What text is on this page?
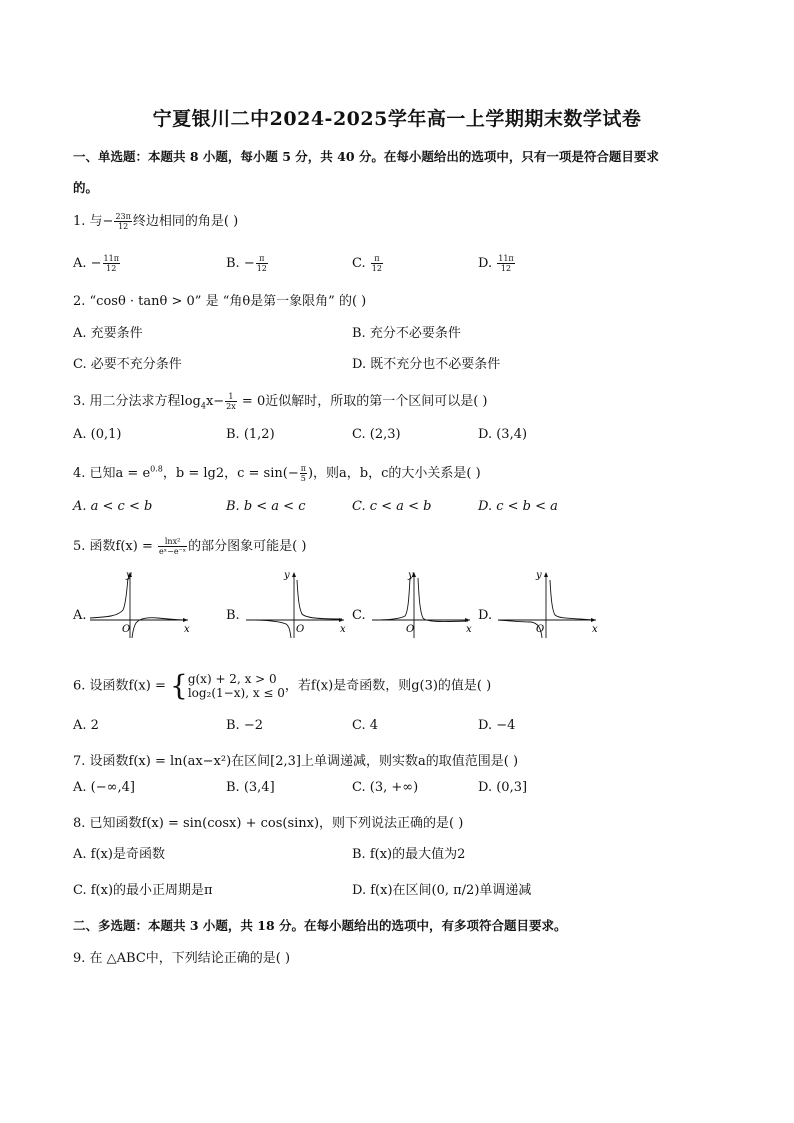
宁夏银川二中2024-2025学年高一上学期期末数学试卷
一、单选题：本题共 8 小题，每小题 5 分，共 40 分。在每小题给出的选项中，只有一项是符合题目要求
的。
1. 与− $\frac{23\pi}{12}$ 终边相同的角是( )
A. − $\frac{11\pi}{12}$	B. − $\frac{\pi}{12}$	C. $\frac{\pi}{12}$	D. $\frac{11\pi}{12}$
2. “cosθ · tanθ > 0” 是 “角θ是第一象限角” 的( )
A. 充要条件	B. 充分不必要条件
C. 必要不充分条件	D. 既不充分也不必要条件
3. 用二分法求方程$\log_4x- \frac{1}{2x} = 0$近似解时，所取的第一个区间可以是( )
A. (0,1)	B. (1,2)	C. (2,3)	D. (3,4)
4. 已知$a = e^{0.8}$，b = lg2，$c = \sin(- \frac{\pi}{5}$ )，则a，b，c的大小关系是( )
A. a < c < b	B. b < a < c	C. c < a < b	D. c < b < a
5. 函数$f(x) = \frac{\text{lnx²}}{\text{eˣ−e⁻ˣ}}$ 的部分图象可能是( )
A.	B.	C.	D.
y
x
O
y
x
O
y
x
O
y
x
O
6. 设函数f(x) = { g(x) + 2, x > 0
log₂(1−x), x ≤ 0 ，若f(x)是奇函数，则g(3)的值是( )
A. 2	B. −2	C. 4	D. −4
7. 设函数f(x) = ln(ax−x²)在区间[2,3]上单调递减，则实数a的取值范围是( )
A. (−∞,4]	B. (3,4]	C. (3, +∞)	D. (0,3]
8. 已知函数f(x) = sin(cosx) + cos(sinx)，则下列说法正确的是( )
A. f(x)是奇函数	B. f(x)的最大值为2
C. f(x)的最小正周期是π	D. f(x)在区间(0, π/2)单调递减
二、多选题：本题共 3 小题，共 18 分。在每小题给出的选项中，有多项符合题目要求。
9. 在 △ABC中，下列结论正确的是( )
